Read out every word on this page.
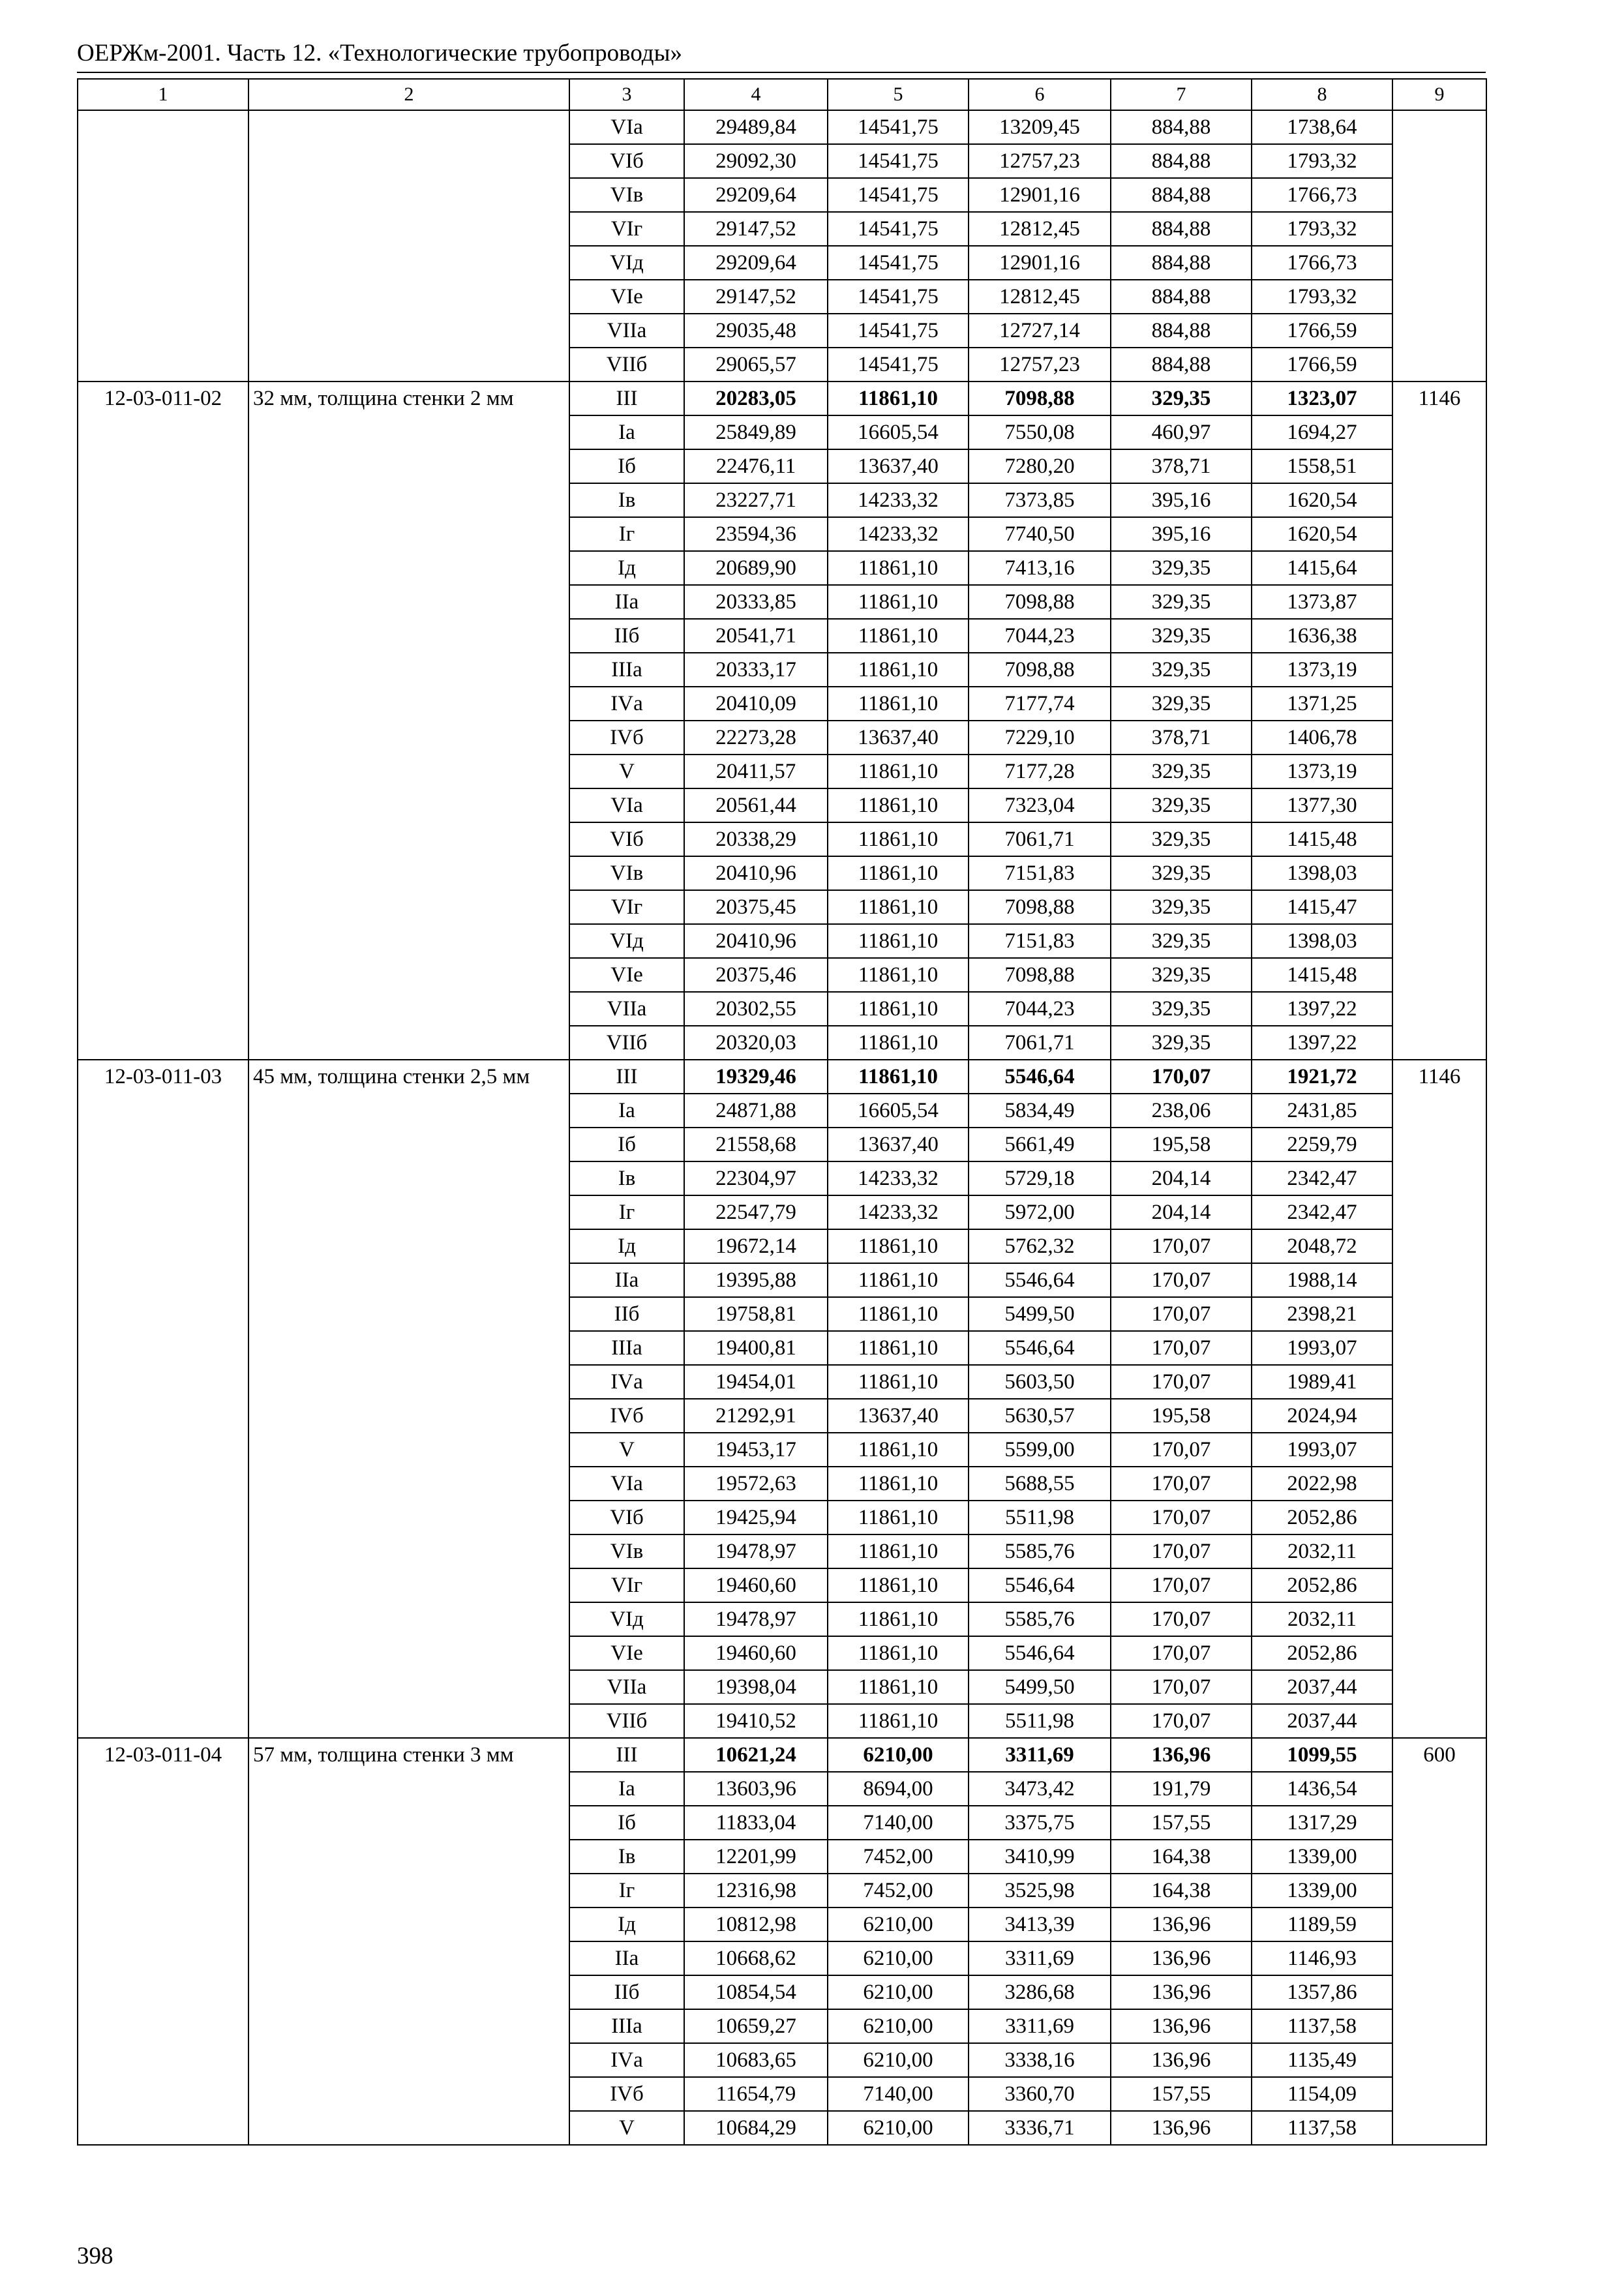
ОЕРЖм-2001. Часть 12. «Технологические трубопроводы»
1	2	3	4	5	6	7	8	9
		VIа	29489,84	14541,75	13209,45	884,88	1738,64	
		VIб	29092,30	14541,75	12757,23	884,88	1793,32	
		VIв	29209,64	14541,75	12901,16	884,88	1766,73	
		VIг	29147,52	14541,75	12812,45	884,88	1793,32	
		VIд	29209,64	14541,75	12901,16	884,88	1766,73	
		VIе	29147,52	14541,75	12812,45	884,88	1793,32	
		VIIа	29035,48	14541,75	12727,14	884,88	1766,59	
		VIIб	29065,57	14541,75	12757,23	884,88	1766,59	
12-03-011-02	32 мм, толщина стенки 2 мм	III	20283,05	11861,10	7098,88	329,35	1323,07	1146
		Iа	25849,89	16605,54	7550,08	460,97	1694,27	
		Iб	22476,11	13637,40	7280,20	378,71	1558,51	
		Iв	23227,71	14233,32	7373,85	395,16	1620,54	
		Iг	23594,36	14233,32	7740,50	395,16	1620,54	
		Iд	20689,90	11861,10	7413,16	329,35	1415,64	
		IIа	20333,85	11861,10	7098,88	329,35	1373,87	
		IIб	20541,71	11861,10	7044,23	329,35	1636,38	
		IIIа	20333,17	11861,10	7098,88	329,35	1373,19	
		IVа	20410,09	11861,10	7177,74	329,35	1371,25	
		IVб	22273,28	13637,40	7229,10	378,71	1406,78	
		V	20411,57	11861,10	7177,28	329,35	1373,19	
		VIа	20561,44	11861,10	7323,04	329,35	1377,30	
		VIб	20338,29	11861,10	7061,71	329,35	1415,48	
		VIв	20410,96	11861,10	7151,83	329,35	1398,03	
		VIг	20375,45	11861,10	7098,88	329,35	1415,47	
		VIд	20410,96	11861,10	7151,83	329,35	1398,03	
		VIе	20375,46	11861,10	7098,88	329,35	1415,48	
		VIIа	20302,55	11861,10	7044,23	329,35	1397,22	
		VIIб	20320,03	11861,10	7061,71	329,35	1397,22	
12-03-011-03	45 мм, толщина стенки 2,5 мм	III	19329,46	11861,10	5546,64	170,07	1921,72	1146
		Iа	24871,88	16605,54	5834,49	238,06	2431,85	
		Iб	21558,68	13637,40	5661,49	195,58	2259,79	
		Iв	22304,97	14233,32	5729,18	204,14	2342,47	
		Iг	22547,79	14233,32	5972,00	204,14	2342,47	
		Iд	19672,14	11861,10	5762,32	170,07	2048,72	
		IIа	19395,88	11861,10	5546,64	170,07	1988,14	
		IIб	19758,81	11861,10	5499,50	170,07	2398,21	
		IIIа	19400,81	11861,10	5546,64	170,07	1993,07	
		IVа	19454,01	11861,10	5603,50	170,07	1989,41	
		IVб	21292,91	13637,40	5630,57	195,58	2024,94	
		V	19453,17	11861,10	5599,00	170,07	1993,07	
		VIа	19572,63	11861,10	5688,55	170,07	2022,98	
		VIб	19425,94	11861,10	5511,98	170,07	2052,86	
		VIв	19478,97	11861,10	5585,76	170,07	2032,11	
		VIг	19460,60	11861,10	5546,64	170,07	2052,86	
		VIд	19478,97	11861,10	5585,76	170,07	2032,11	
		VIе	19460,60	11861,10	5546,64	170,07	2052,86	
		VIIа	19398,04	11861,10	5499,50	170,07	2037,44	
		VIIб	19410,52	11861,10	5511,98	170,07	2037,44	
12-03-011-04	57 мм, толщина стенки 3 мм	III	10621,24	6210,00	3311,69	136,96	1099,55	600
		Iа	13603,96	8694,00	3473,42	191,79	1436,54	
		Iб	11833,04	7140,00	3375,75	157,55	1317,29	
		Iв	12201,99	7452,00	3410,99	164,38	1339,00	
		Iг	12316,98	7452,00	3525,98	164,38	1339,00	
		Iд	10812,98	6210,00	3413,39	136,96	1189,59	
		IIа	10668,62	6210,00	3311,69	136,96	1146,93	
		IIб	10854,54	6210,00	3286,68	136,96	1357,86	
		IIIа	10659,27	6210,00	3311,69	136,96	1137,58	
		IVа	10683,65	6210,00	3338,16	136,96	1135,49	
		IVб	11654,79	7140,00	3360,70	157,55	1154,09	
		V	10684,29	6210,00	3336,71	136,96	1137,58	
398
